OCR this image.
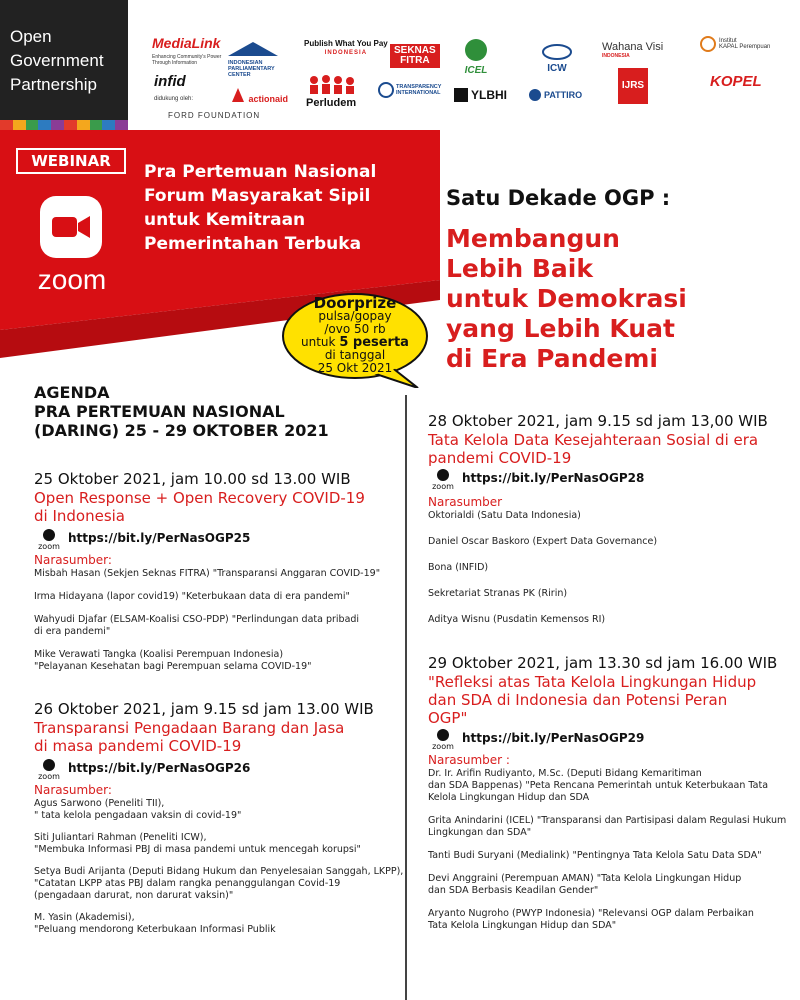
Open
Government
Partnership
MediaLink
Enhancing Community's Power Through Information
infid
didukung oleh:
FORD FOUNDATION
INDONESIAN PARLIAMENTARY CENTER
actionaid
Publish What You Pay
INDONESIA
Perludem
SEKNAS
FITRA
TRANSPARENCY INTERNATIONAL
ICEL
YLBHI
ICW
PATTIRO
Wahana Visi
INDONESIA
IJRS
Institut
KAPAL Perempuan
KOPEL
WEBINAR
zoom
Pra Pertemuan Nasional
Forum Masyarakat Sipil
untuk Kemitraan
Pemerintahan Terbuka
Satu Dekade OGP :
Membangun
Lebih Baik
untuk Demokrasi
yang Lebih Kuat
di Era Pandemi
Doorprize
pulsa/gopay
/ovo 50 rb
untuk 5 peserta
di tanggal
25 Okt 2021
AGENDA
PRA PERTEMUAN NASIONAL
(DARING) 25 - 29 OKTOBER 2021
25 Oktober 2021, jam 10.00 sd 13.00 WIB
Open Response + Open Recovery COVID-19
di Indonesia
zoom
https://bit.ly/PerNasOGP25
Narasumber:
Misbah Hasan (Sekjen Seknas FITRA) "Transparansi Anggaran COVID-19"
Irma Hidayana (lapor covid19) "Keterbukaan data di era pandemi"
Wahyudi Djafar (ELSAM-Koalisi CSO-PDP) "Perlindungan data pribadi
di era pandemi"
Mike Verawati Tangka (Koalisi Perempuan Indonesia)
"Pelayanan Kesehatan bagi Perempuan selama COVID-19"
26 Oktober 2021, jam 9.15 sd jam 13.00 WIB
Transparansi Pengadaan Barang dan Jasa
di masa pandemi COVID-19
zoom
https://bit.ly/PerNasOGP26
Narasumber:
Agus Sarwono (Peneliti TII),
" tata kelola pengadaan vaksin di covid-19"
Siti Juliantari Rahman (Peneliti ICW),
"Membuka Informasi PBJ di masa pandemi untuk mencegah korupsi"
Setya Budi Arijanta (Deputi Bidang Hukum dan Penyelesaian Sanggah, LKPP),
"Catatan LKPP atas PBJ dalam rangka penanggulangan Covid-19
(pengadaan darurat, non darurat vaksin)"
M. Yasin (Akademisi),
"Peluang mendorong Keterbukaan Informasi Publik
28 Oktober 2021, jam 9.15 sd jam 13,00 WIB
Tata Kelola Data Kesejahteraan Sosial di era
pandemi COVID-19
zoom
https://bit.ly/PerNasOGP28
Narasumber
Oktorialdi (Satu Data Indonesia)
Daniel Oscar Baskoro (Expert Data Governance)
Bona (INFID)
Sekretariat Stranas PK (Ririn)
Aditya Wisnu (Pusdatin Kemensos RI)
29 Oktober 2021, jam 13.30 sd jam 16.00 WIB
"Refleksi atas Tata Kelola Lingkungan Hidup
dan SDA di Indonesia dan Potensi Peran
OGP"
zoom
https://bit.ly/PerNasOGP29
Narasumber :
Dr. Ir. Arifin Rudiyanto, M.Sc. (Deputi Bidang Kemaritiman
dan SDA Bappenas) "Peta Rencana Pemerintah untuk Keterbukaan Tata
Kelola Lingkungan Hidup dan SDA
Grita Anindarini (ICEL) "Transparansi dan Partisipasi dalam Regulasi Hukum
Lingkungan dan SDA"
Tanti Budi Suryani (Medialink) "Pentingnya Tata Kelola Satu Data SDA"
Devi Anggraini (Perempuan AMAN) "Tata Kelola Lingkungan Hidup
dan SDA Berbasis Keadilan Gender"
Aryanto Nugroho (PWYP Indonesia) "Relevansi OGP dalam Perbaikan
Tata Kelola Lingkungan Hidup dan SDA"
